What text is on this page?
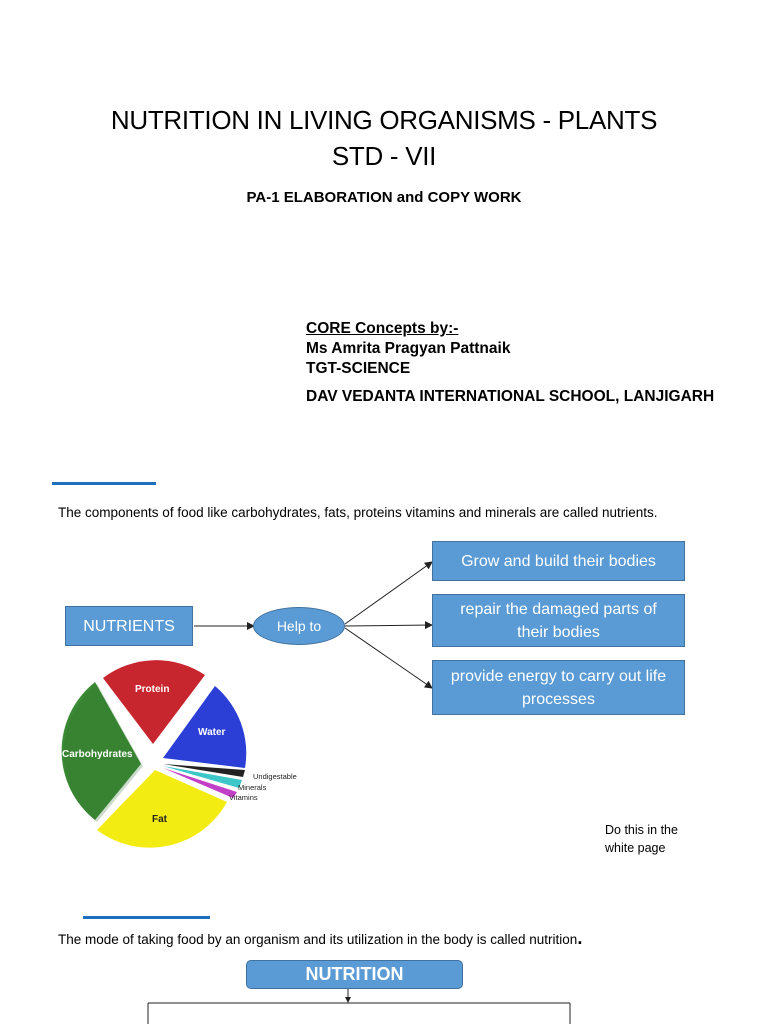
NUTRITION IN LIVING ORGANISMS - PLANTS
STD - VII
PA-1 ELABORATION and COPY WORK
CORE Concepts by:-
Ms Amrita Pragyan Pattnaik
TGT-SCIENCE
DAV VEDANTA INTERNATIONAL SCHOOL, LANJIGARH
The components of food like carbohydrates, fats, proteins vitamins and minerals are called nutrients.
NUTRIENTS	Help to
Grow and build their bodies
repair the damaged parts of their bodies
provide energy to carry out life processes
Protein
Water
Carbohydrates
Fat
Undigestable
Minerals
Vitamins
Do this in the
white page
The mode of taking food by an organism and its utilization in the body is called nutrition.
NUTRITION
